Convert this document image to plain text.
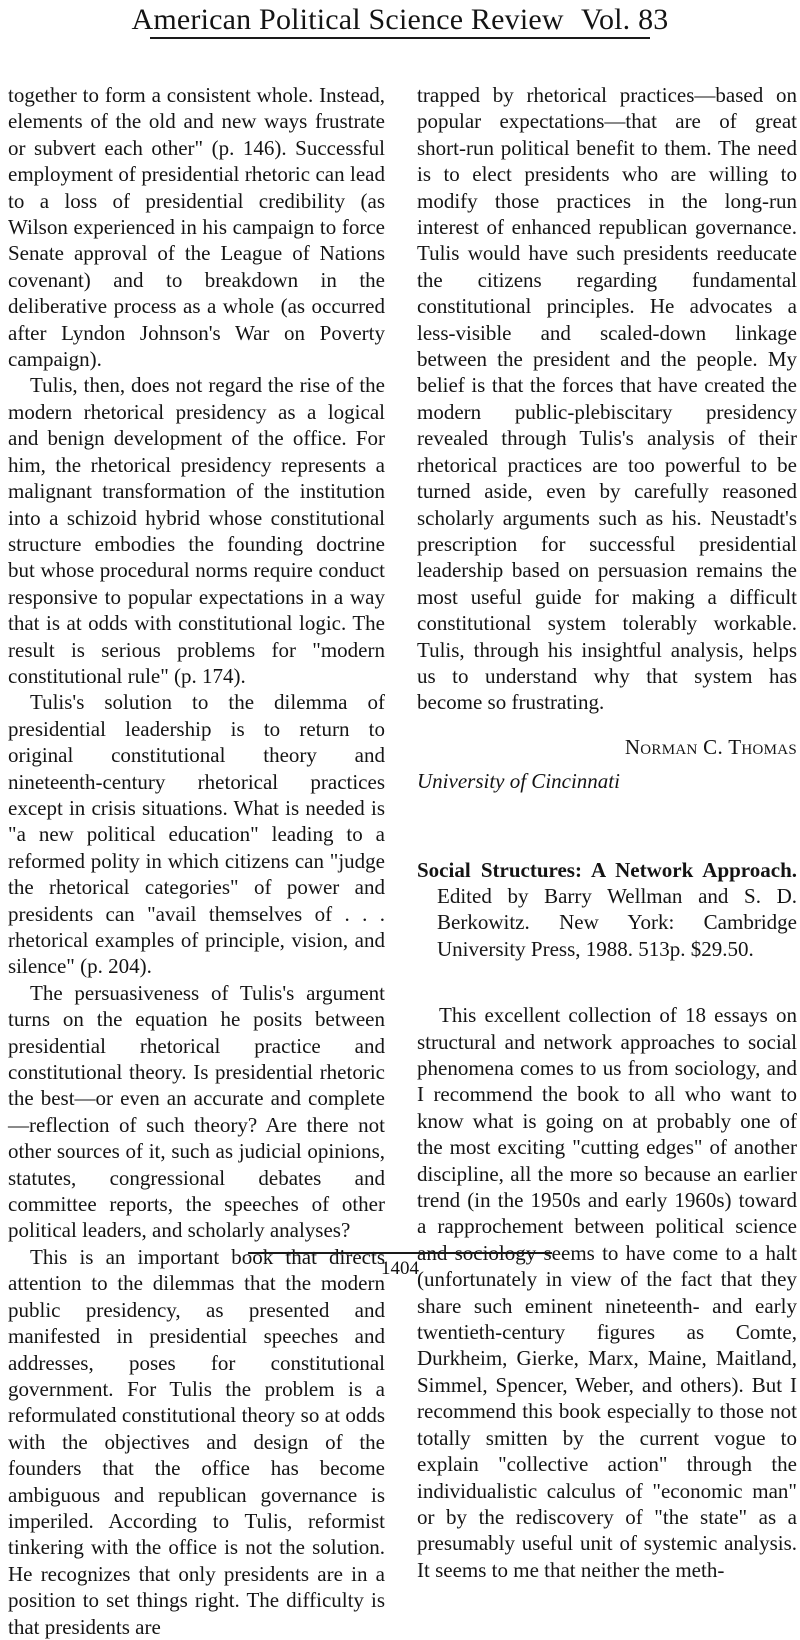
American Political Science Review Vol. 83

together to form a consistent whole. Instead, elements of the old and new ways frustrate or subvert each other" (p. 146). Successful employment of presidential rhetoric can lead to a loss of presidential credibility (as Wilson experienced in his campaign to force Senate approval of the League of Nations covenant) and to breakdown in the deliberative process as a whole (as occurred after Lyndon Johnson's War on Poverty campaign).

Tulis, then, does not regard the rise of the modern rhetorical presidency as a logical and benign development of the office. For him, the rhetorical presidency represents a malignant transformation of the institution into a schizoid hybrid whose constitutional structure embodies the founding doctrine but whose procedural norms require conduct responsive to popular expectations in a way that is at odds with constitutional logic. The result is serious problems for "modern constitutional rule" (p. 174).

Tulis's solution to the dilemma of presidential leadership is to return to original constitutional theory and nineteenth-century rhetorical practices except in crisis situations. What is needed is "a new political education" leading to a reformed polity in which citizens can "judge the rhetorical categories" of power and presidents can "avail themselves of . . . rhetorical examples of principle, vision, and silence" (p. 204).

The persuasiveness of Tulis's argument turns on the equation he posits between presidential rhetorical practice and constitutional theory. Is presidential rhetoric the best—or even an accurate and complete—reflection of such theory? Are there not other sources of it, such as judicial opinions, statutes, congressional debates and committee reports, the speeches of other political leaders, and scholarly analyses?

This is an important book that directs attention to the dilemmas that the modern public presidency, as presented and manifested in presidential speeches and addresses, poses for constitutional government. For Tulis the problem is a reformulated constitutional theory so at odds with the objectives and design of the founders that the office has become ambiguous and republican governance is imperiled. According to Tulis, reformist tinkering with the office is not the solution. He recognizes that only presidents are in a position to set things right. The difficulty is that presidents are

trapped by rhetorical practices—based on popular expectations—that are of great short-run political benefit to them. The need is to elect presidents who are willing to modify those practices in the long-run interest of enhanced republican governance. Tulis would have such presidents reeducate the citizens regarding fundamental constitutional principles. He advocates a less-visible and scaled-down linkage between the president and the people. My belief is that the forces that have created the modern public-plebiscitary presidency revealed through Tulis's analysis of their rhetorical practices are too powerful to be turned aside, even by carefully reasoned scholarly arguments such as his. Neustadt's prescription for successful presidential leadership based on persuasion remains the most useful guide for making a difficult constitutional system tolerably workable. Tulis, through his insightful analysis, helps us to understand why that system has become so frustrating.

Norman C. Thomas
University of Cincinnati
Social Structures: A Network Approach. Edited by Barry Wellman and S. D. Berkowitz. New York: Cambridge University Press, 1988. 513p. $29.50.

This excellent collection of 18 essays on structural and network approaches to social phenomena comes to us from sociology, and I recommend the book to all who want to know what is going on at probably one of the most exciting "cutting edges" of another discipline, all the more so because an earlier trend (in the 1950s and early 1960s) toward a rapprochement between political science and sociology seems to have come to a halt (unfortunately in view of the fact that they share such eminent nineteenth- and early twentieth-century figures as Comte, Durkheim, Gierke, Marx, Maine, Maitland, Simmel, Spencer, Weber, and others). But I recommend this book especially to those not totally smitten by the current vogue to explain "collective action" through the individualistic calculus of "economic man" or by the rediscovery of "the state" as a presumably useful unit of systemic analysis. It seems to me that neither the meth-

1404
